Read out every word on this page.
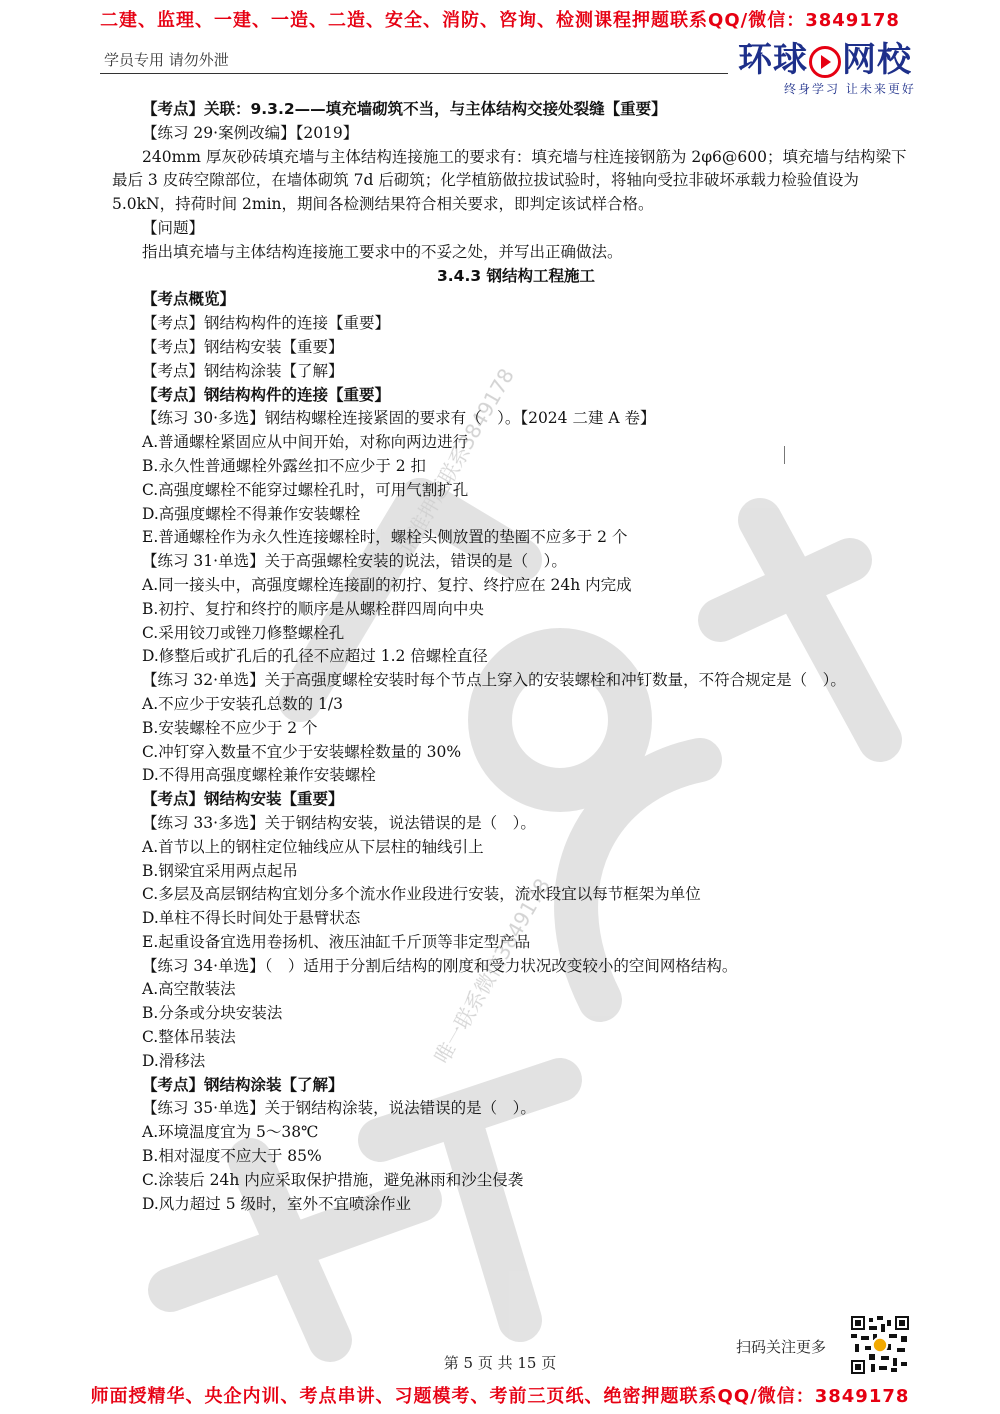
二建、监理、一建、一造、二造、安全、消防、咨询、检测课程押题联系QQ/微信：3849178
学员专用 请勿外泄	环球 网校
终身学习 让未来更好
请准押题联系3849178
唯一联系微信3849178
【考点】关联：9.3.2——填充墙砌筑不当，与主体结构交接处裂缝【重要】
【练习 29·案例改编】【2019】
240mm 厚灰砂砖填充墙与主体结构连接施工的要求有：填充墙与柱连接钢筋为 2φ6@600；填充墙与结构梁下最后 3 皮砖空隙部位，在墙体砌筑 7d 后砌筑；化学植筋做拉拔试验时，将轴向受拉非破坏承载力检验值设为 5.0kN，持荷时间 2min，期间各检测结果符合相关要求，即判定该试样合格。
【问题】
指出填充墙与主体结构连接施工要求中的不妥之处，并写出正确做法。
3.4.3 钢结构工程施工
【考点概览】
【考点】钢结构构件的连接【重要】
【考点】钢结构安装【重要】
【考点】钢结构涂装【了解】
【考点】钢结构构件的连接【重要】
【练习 30·多选】钢结构螺栓连接紧固的要求有（　）。【2024 二建 A 卷】
A.普通螺栓紧固应从中间开始，对称向两边进行
B.永久性普通螺栓外露丝扣不应少于 2 扣
C.高强度螺栓不能穿过螺栓孔时，可用气割扩孔
D.高强度螺栓不得兼作安装螺栓
E.普通螺栓作为永久性连接螺栓时，螺栓头侧放置的垫圈不应多于 2 个
【练习 31·单选】关于高强螺栓安装的说法，错误的是（　）。
A.同一接头中，高强度螺栓连接副的初拧、复拧、终拧应在 24h 内完成
B.初拧、复拧和终拧的顺序是从螺栓群四周向中央
C.采用铰刀或锉刀修整螺栓孔
D.修整后或扩孔后的孔径不应超过 1.2 倍螺栓直径
【练习 32·单选】关于高强度螺栓安装时每个节点上穿入的安装螺栓和冲钉数量，不符合规定是（　）。
A.不应少于安装孔总数的 1/3
B.安装螺栓不应少于 2 个
C.冲钉穿入数量不宜少于安装螺栓数量的 30%
D.不得用高强度螺栓兼作安装螺栓
【考点】钢结构安装【重要】
【练习 33·多选】关于钢结构安装，说法错误的是（　）。
A.首节以上的钢柱定位轴线应从下层柱的轴线引上
B.钢梁宜采用两点起吊
C.多层及高层钢结构宜划分多个流水作业段进行安装，流水段宜以每节框架为单位
D.单柱不得长时间处于悬臂状态
E.起重设备宜选用卷扬机、液压油缸千斤顶等非定型产品
【练习 34·单选】（　）适用于分割后结构的刚度和受力状况改变较小的空间网格结构。
A.高空散装法
B.分条或分块安装法
C.整体吊装法
D.滑移法
【考点】钢结构涂装【了解】
【练习 35·单选】关于钢结构涂装，说法错误的是（　）。
A.环境温度宜为 5～38℃
B.相对湿度不应大于 85%
C.涂装后 24h 内应采取保护措施，避免淋雨和沙尘侵袭
D.风力超过 5 级时，室外不宜喷涂作业
扫码关注更多
第 5 页 共 15 页
师面授精华、央企内训、考点串讲、习题模考、考前三页纸、绝密押题联系QQ/微信：3849178
